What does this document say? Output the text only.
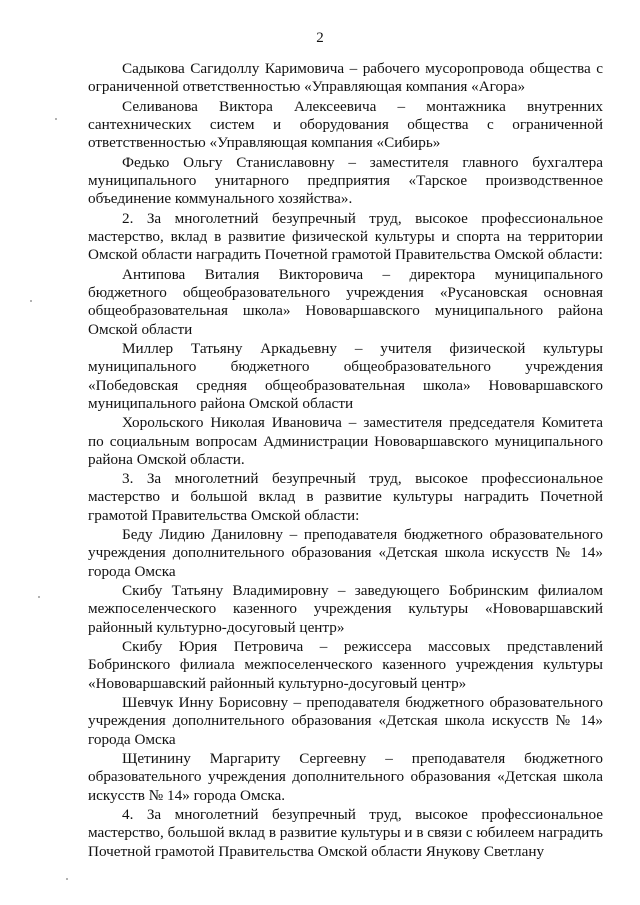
2

Садыкова Сагидоллу Каримовича – рабочего мусоропровода общества с ограниченной ответственностью «Управляющая компания «Агора»

Селиванова Виктора Алексеевича – монтажника внутренних сантехнических систем и оборудования общества с ограниченной ответственностью «Управляющая компания «Сибирь»

Федько Ольгу Станиславовну – заместителя главного бухгалтера муниципального унитарного предприятия «Тарское производственное объединение коммунального хозяйства».

2. За многолетний безупречный труд, высокое профессиональное мастерство, вклад в развитие физической культуры и спорта на территории Омской области наградить Почетной грамотой Правительства Омской области:

Антипова Виталия Викторовича – директора муниципального бюджетного общеобразовательного учреждения «Русановская основная общеобразовательная школа» Нововаршавского муниципального района Омской области

Миллер Татьяну Аркадьевну – учителя физической культуры муниципального бюджетного общеобразовательного учреждения «Победовская средняя общеобразовательная школа» Нововаршавского муниципального района Омской области

Хорольского Николая Ивановича – заместителя председателя Комитета по социальным вопросам Администрации Нововаршавского муниципального района Омской области.

3. За многолетний безупречный труд, высокое профессиональное мастерство и большой вклад в развитие культуры наградить Почетной грамотой Правительства Омской области:

Беду Лидию Даниловну – преподавателя бюджетного образовательного учреждения дополнительного образования «Детская школа искусств № 14» города Омска

Скибу Татьяну Владимировну – заведующего Бобринским филиалом межпоселенческого казенного учреждения культуры «Нововаршавский районный культурно-досуговый центр»

Скибу Юрия Петровича – режиссера массовых представлений Бобринского филиала межпоселенческого казенного учреждения культуры «Нововаршавский районный культурно-досуговый центр»

Шевчук Инну Борисовну – преподавателя бюджетного образовательного учреждения дополнительного образования «Детская школа искусств № 14» города Омска

Щетинину Маргариту Сергеевну – преподавателя бюджетного образовательного учреждения дополнительного образования «Детская школа искусств № 14» города Омска.

4. За многолетний безупречный труд, высокое профессиональное мастерство, большой вклад в развитие культуры и в связи с юбилеем наградить Почетной грамотой Правительства Омской области Янукову Светлану
